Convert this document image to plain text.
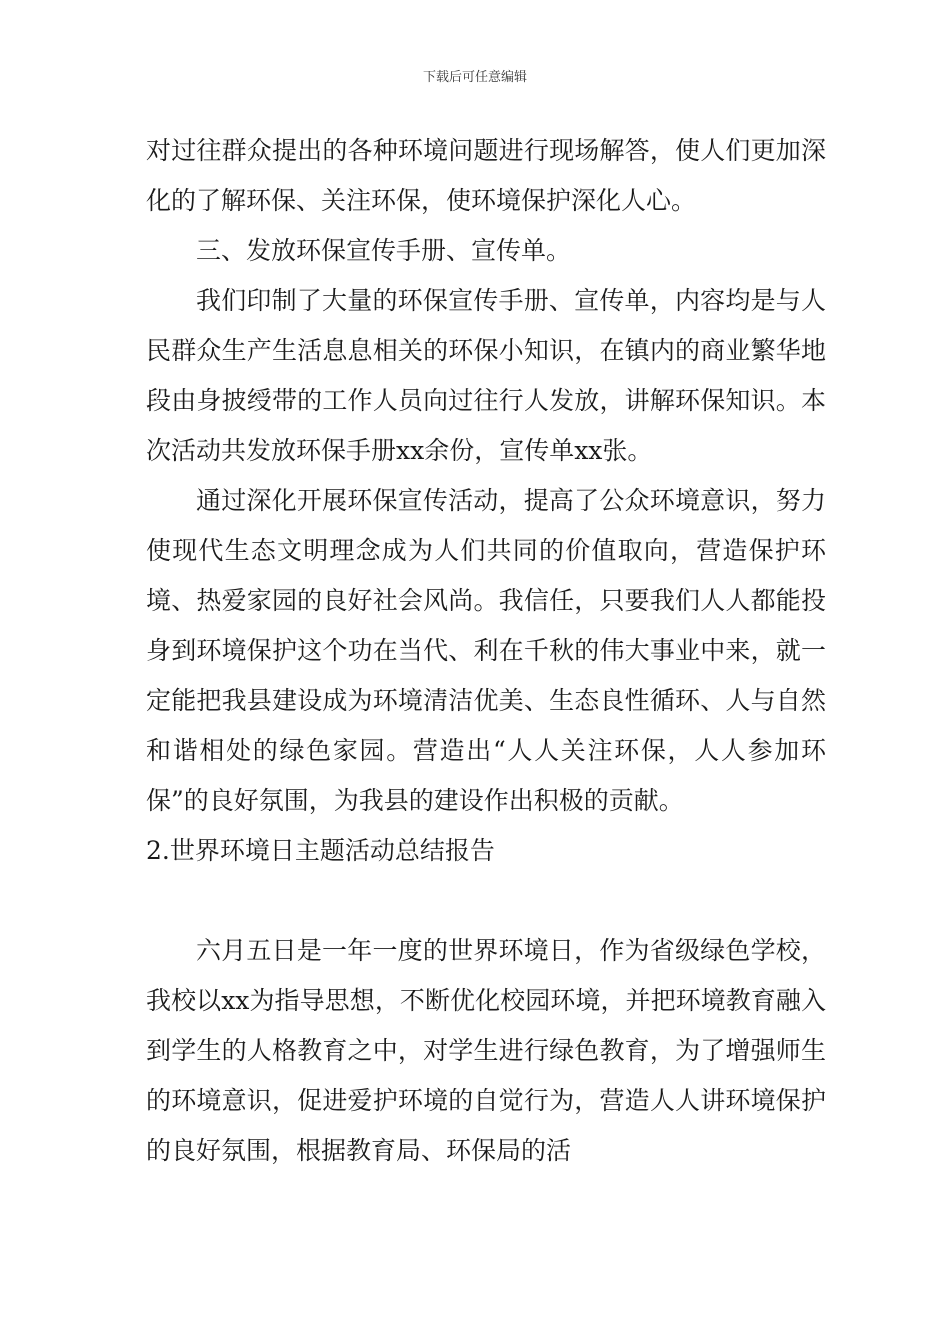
下载后可任意编辑

对过往群众提出的各种环境问题进行现场解答，使人们更加深化的了解环保、关注环保，使环境保护深化人心。

三、发放环保宣传手册、宣传单。

我们印制了大量的环保宣传手册、宣传单，内容均是与人民群众生产生活息息相关的环保小知识，在镇内的商业繁华地段由身披绶带的工作人员向过往行人发放，讲解环保知识。本次活动共发放环保手册xx余份，宣传单xx张。

通过深化开展环保宣传活动，提高了公众环境意识，努力使现代生态文明理念成为人们共同的价值取向，营造保护环境、热爱家园的良好社会风尚。我信任，只要我们人人都能投身到环境保护这个功在当代、利在千秋的伟大事业中来，就一定能把我县建设成为环境清洁优美、生态良性循环、人与自然和谐相处的绿色家园。营造出“人人关注环保，人人参加环保”的良好氛围，为我县的建设作出积极的贡献。

2.世界环境日主题活动总结报告

六月五日是一年一度的世界环境日，作为省级绿色学校，我校以xx为指导思想，不断优化校园环境，并把环境教育融入到学生的人格教育之中，对学生进行绿色教育，为了增强师生的环境意识，促进爱护环境的自觉行为，营造人人讲环境保护的良好氛围，根据教育局、环保局的活
